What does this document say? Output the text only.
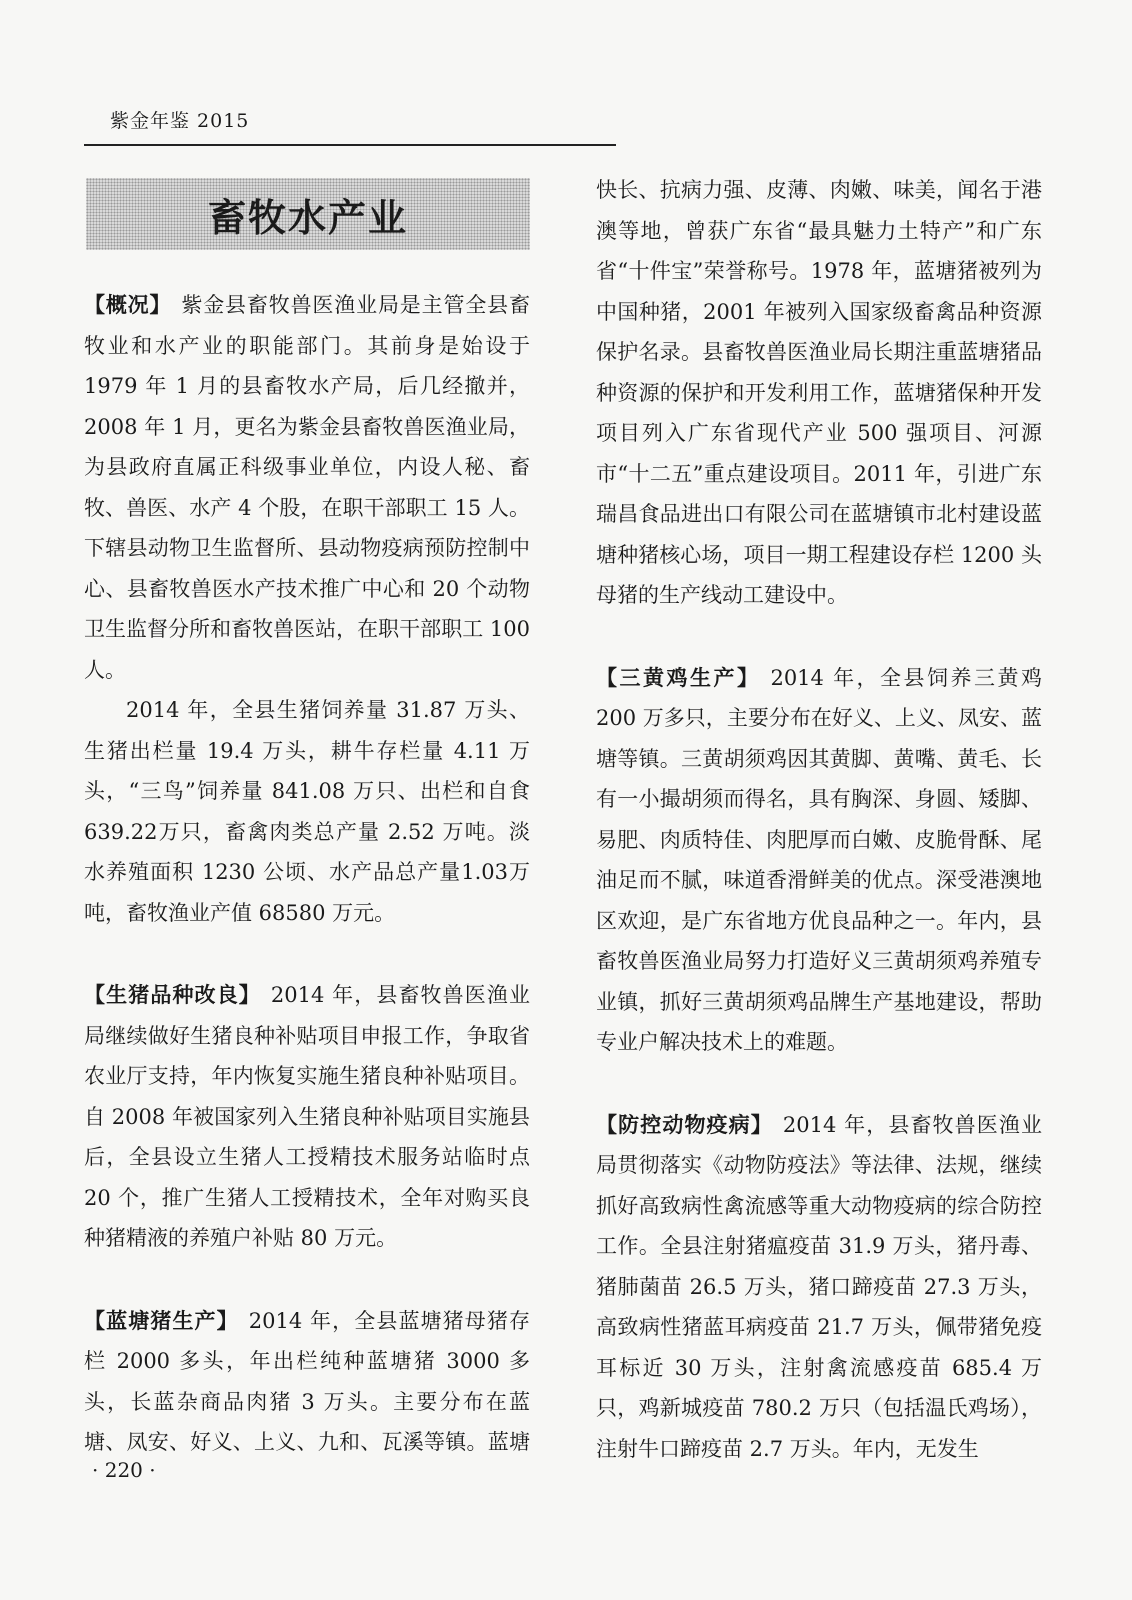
紫金年鉴 2015
畜牧水产业

【概况】 紫金县畜牧兽医渔业局是主管全县畜牧业和水产业的职能部门。其前身是始设于 1979 年 1 月的县畜牧水产局，后几经撤并，2008 年 1 月，更名为紫金县畜牧兽医渔业局，为县政府直属正科级事业单位，内设人秘、畜牧、兽医、水产 4 个股，在职干部职工 15 人。下辖县动物卫生监督所、县动物疫病预防控制中心、县畜牧兽医水产技术推广中心和 20 个动物卫生监督分所和畜牧兽医站，在职干部职工 100 人。

2014 年，全县生猪饲养量 31.87 万头、生猪出栏量 19.4 万头，耕牛存栏量 4.11 万头，“三鸟”饲养量 841.08 万只、出栏和自食 639.22万只，畜禽肉类总产量 2.52 万吨。淡水养殖面积 1230 公顷、水产品总产量1.03万吨，畜牧渔业产值 68580 万元。

【生猪品种改良】 2014 年，县畜牧兽医渔业局继续做好生猪良种补贴项目申报工作，争取省农业厅支持，年内恢复实施生猪良种补贴项目。自 2008 年被国家列入生猪良种补贴项目实施县后，全县设立生猪人工授精技术服务站临时点 20 个，推广生猪人工授精技术，全年对购买良种猪精液的养殖户补贴 80 万元。

【蓝塘猪生产】 2014 年，全县蓝塘猪母猪存栏 2000 多头，年出栏纯种蓝塘猪 3000 多头，长蓝杂商品肉猪 3 万头。主要分布在蓝塘、凤安、好义、上义、九和、瓦溪等镇。蓝塘

快长、抗病力强、皮薄、肉嫩、味美，闻名于港澳等地，曾获广东省“最具魅力土特产”和广东省“十件宝”荣誉称号。1978 年，蓝塘猪被列为中国种猪，2001 年被列入国家级畜禽品种资源保护名录。县畜牧兽医渔业局长期注重蓝塘猪品种资源的保护和开发利用工作，蓝塘猪保种开发项目列入广东省现代产业 500 强项目、河源市“十二五”重点建设项目。2011 年，引进广东瑞昌食品进出口有限公司在蓝塘镇市北村建设蓝塘种猪核心场，项目一期工程建设存栏 1200 头母猪的生产线动工建设中。

【三黄鸡生产】 2014 年，全县饲养三黄鸡 200 万多只，主要分布在好义、上义、凤安、蓝塘等镇。三黄胡须鸡因其黄脚、黄嘴、黄毛、长有一小撮胡须而得名，具有胸深、身圆、矮脚、易肥、肉质特佳、肉肥厚而白嫩、皮脆骨酥、尾油足而不腻，味道香滑鲜美的优点。深受港澳地区欢迎，是广东省地方优良品种之一。年内，县畜牧兽医渔业局努力打造好义三黄胡须鸡养殖专业镇，抓好三黄胡须鸡品牌生产基地建设，帮助专业户解决技术上的难题。

【防控动物疫病】 2014 年，县畜牧兽医渔业局贯彻落实《动物防疫法》等法律、法规，继续抓好高致病性禽流感等重大动物疫病的综合防控工作。全县注射猪瘟疫苗 31.9 万头，猪丹毒、猪肺菌苗 26.5 万头，猪口蹄疫苗 27.3 万头，高致病性猪蓝耳病疫苗 21.7 万头，佩带猪免疫耳标近 30 万头，注射禽流感疫苗 685.4 万只，鸡新城疫苗 780.2 万只（包括温氏鸡场），注射牛口蹄疫苗 2.7 万头。年内，无发生

· 220 ·
